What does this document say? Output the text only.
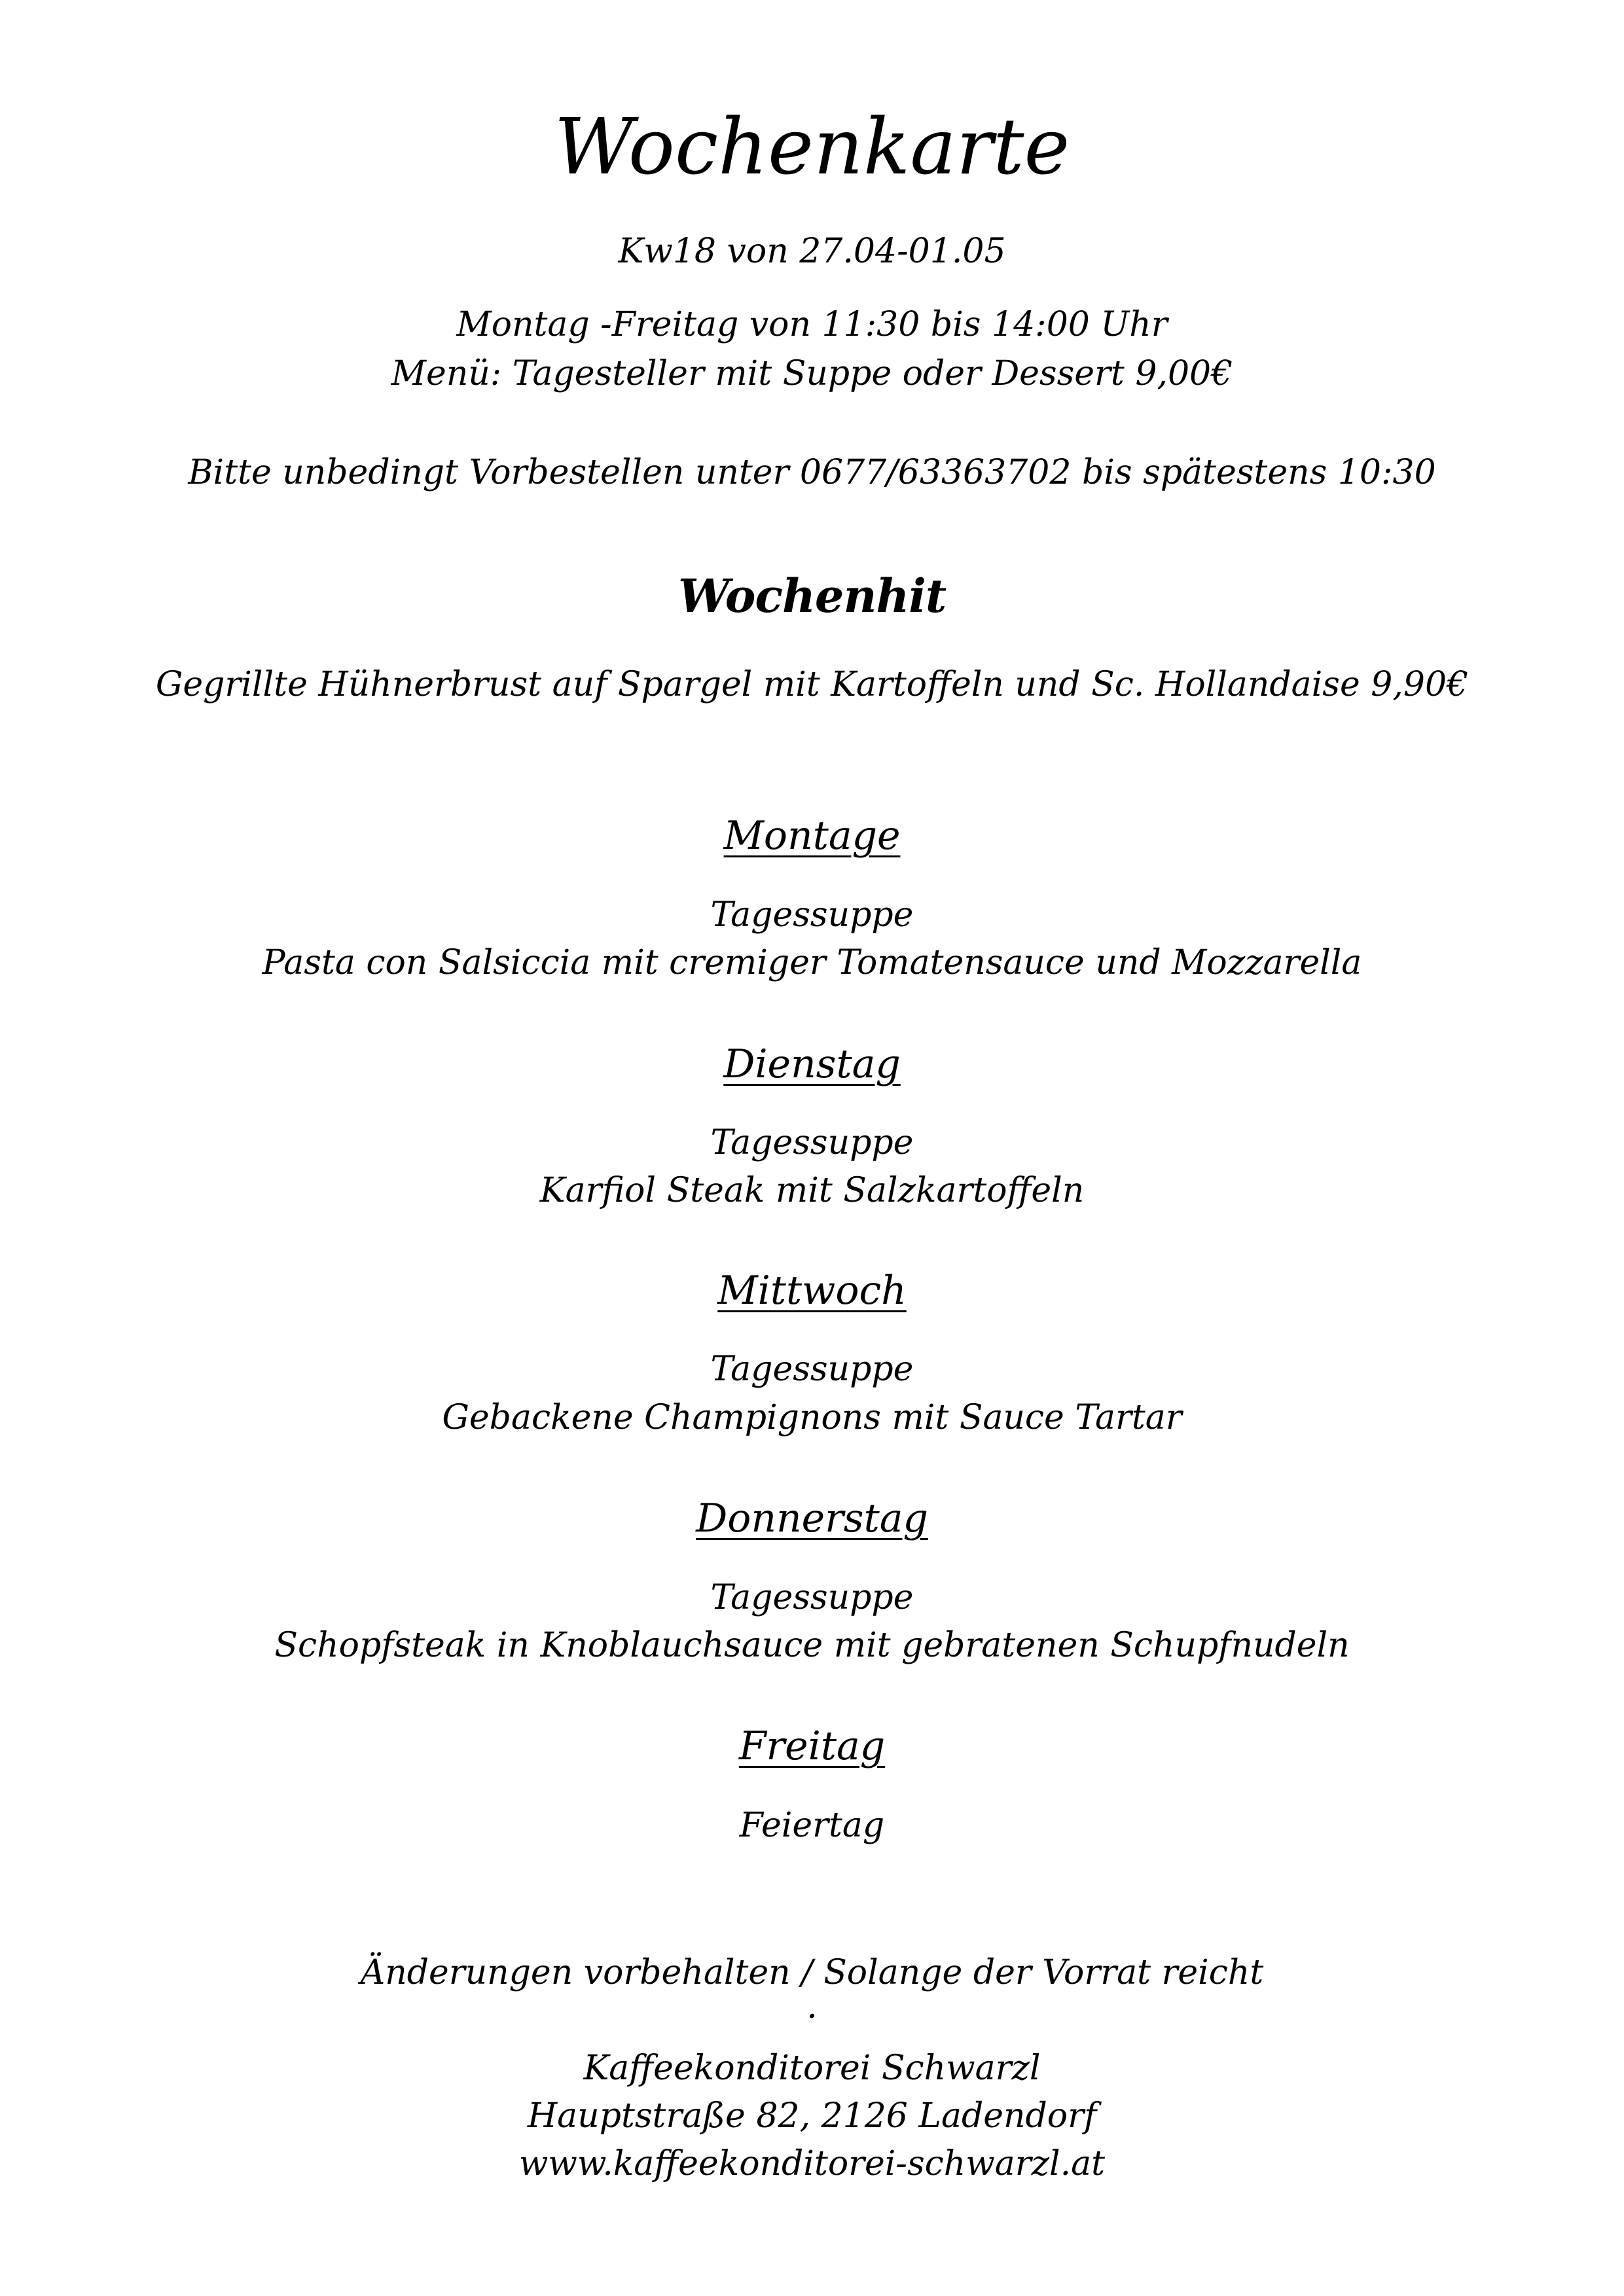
Wochenkarte
Kw18 von 27.04-01.05
Montag -Freitag von 11:30 bis 14:00 Uhr
Menü: Tagesteller mit Suppe oder Dessert 9,00€
Bitte unbedingt Vorbestellen unter 0677/63363702 bis spätestens 10:30
Wochenhit
Gegrillte Hühnerbrust auf Spargel mit Kartoffeln und Sc. Hollandaise 9,90€
Montage
Tagessuppe
Pasta con Salsiccia mit cremiger Tomatensauce und Mozzarella
Dienstag
Tagessuppe
Karfiol Steak mit Salzkartoffeln
Mittwoch
Tagessuppe
Gebackene Champignons mit Sauce Tartar
Donnerstag
Tagessuppe
Schopfsteak in Knoblauchsauce mit gebratenen Schupfnudeln
Freitag
Feiertag
Änderungen vorbehalten / Solange der Vorrat reicht
.
Kaffeekonditorei Schwarzl
Hauptstraße 82, 2126 Ladendorf
www.kaffeekonditorei-schwarzl.at
